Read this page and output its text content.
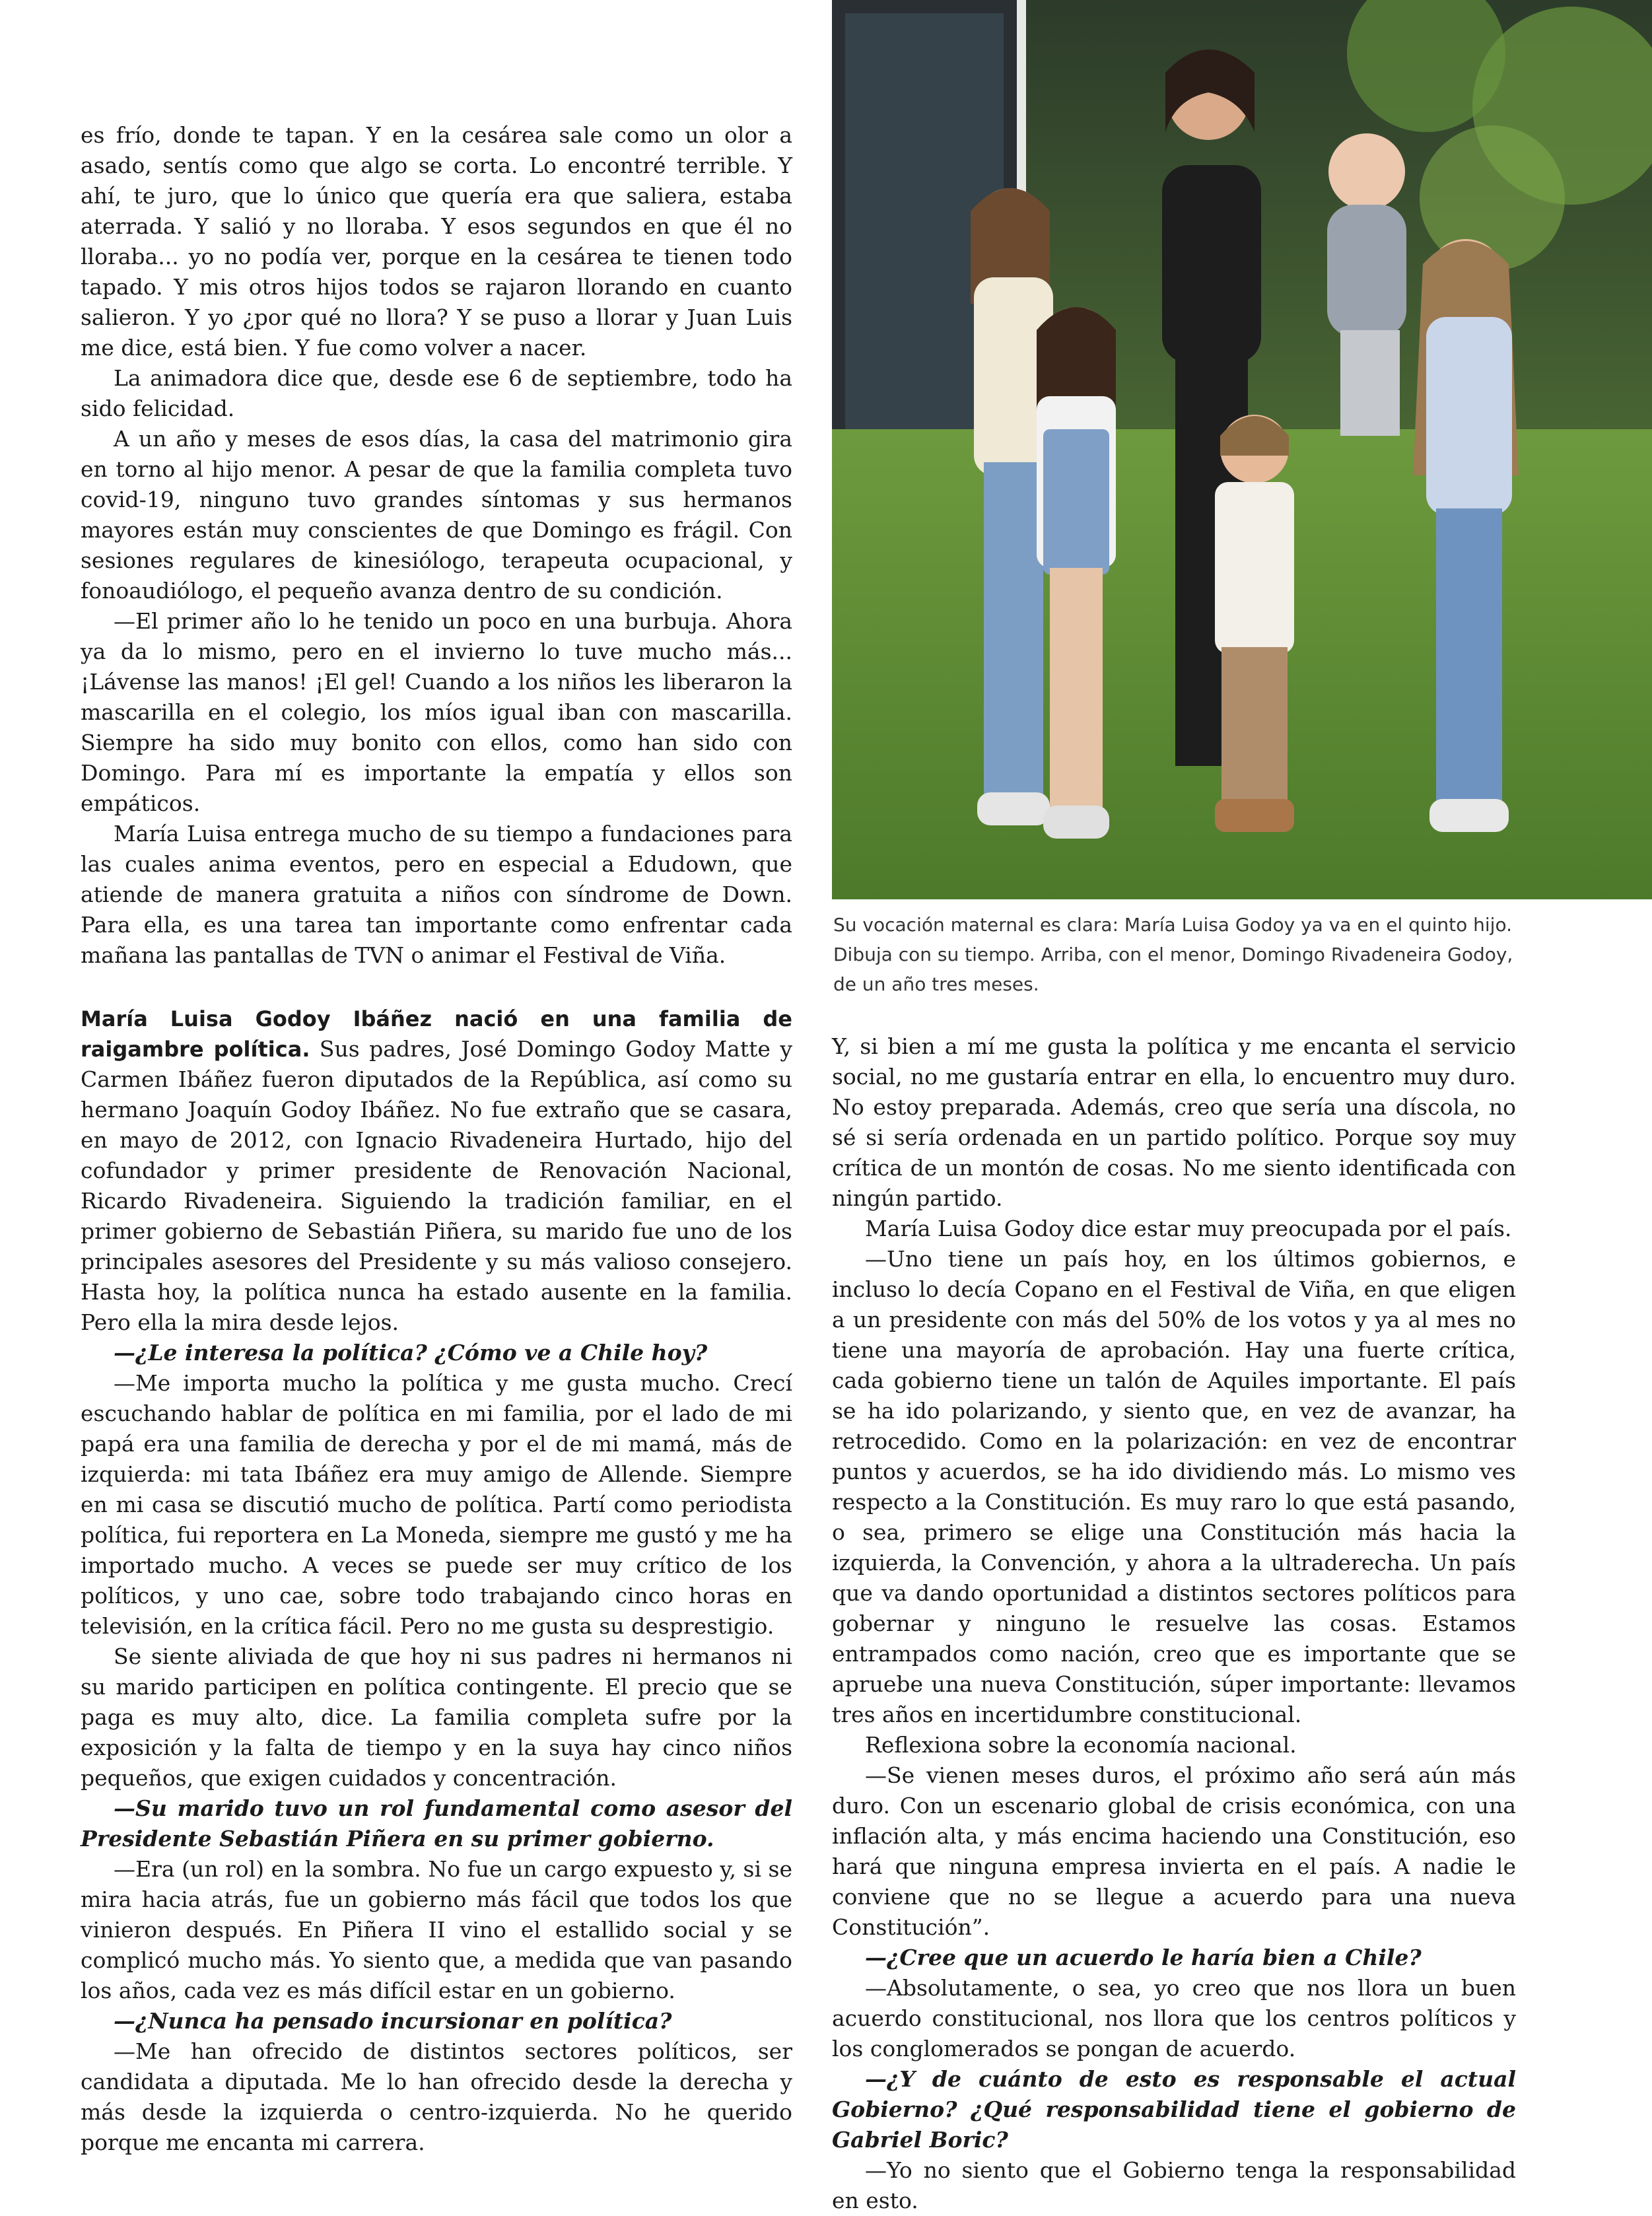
es frío, donde te tapan. Y en la cesárea sale como un olor a asado, sentís como que algo se corta. Lo encontré terrible. Y ahí, te juro, que lo único que quería era que saliera, estaba aterrada. Y salió y no lloraba. Y esos segundos en que él no lloraba... yo no podía ver, porque en la cesárea te tienen todo tapado. Y mis otros hijos todos se rajaron llorando en cuanto salieron. Y yo ¿por qué no llora? Y se puso a llorar y Juan Luis me dice, está bien. Y fue como volver a nacer.

La animadora dice que, desde ese 6 de septiembre, todo ha sido felicidad.

A un año y meses de esos días, la casa del matrimonio gira en torno al hijo menor. A pesar de que la familia completa tuvo covid-19, ninguno tuvo grandes síntomas y sus hermanos mayores están muy conscientes de que Domingo es frágil. Con sesiones regulares de kinesiólogo, terapeuta ocupacional, y fonoaudiólogo, el pequeño avanza dentro de su condición.

—El primer año lo he tenido un poco en una burbuja. Ahora ya da lo mismo, pero en el invierno lo tuve mucho más... ¡Lávense las manos! ¡El gel! Cuando a los niños les liberaron la mascarilla en el colegio, los míos igual iban con mascarilla. Siempre ha sido muy bonito con ellos, como han sido con Domingo. Para mí es importante la empatía y ellos son empáticos.

María Luisa entrega mucho de su tiempo a fundaciones para las cuales anima eventos, pero en especial a Edudown, que atiende de manera gratuita a niños con síndrome de Down. Para ella, es una tarea tan importante como enfrentar cada mañana las pantallas de TVN o animar el Festival de Viña.

María Luisa Godoy Ibáñez nació en una familia de raigambre política. Sus padres, José Domingo Godoy Matte y Carmen Ibáñez fueron diputados de la República, así como su hermano Joaquín Godoy Ibáñez. No fue extraño que se casara, en mayo de 2012, con Ignacio Rivadeneira Hurtado, hijo del cofundador y primer presidente de Renovación Nacional, Ricardo Rivadeneira. Siguiendo la tradición familiar, en el primer gobierno de Sebastián Piñera, su marido fue uno de los principales asesores del Presidente y su más valioso consejero. Hasta hoy, la política nunca ha estado ausente en la familia. Pero ella la mira desde lejos.

—¿Le interesa la política? ¿Cómo ve a Chile hoy?

—Me importa mucho la política y me gusta mucho. Crecí escuchando hablar de política en mi familia, por el lado de mi papá era una familia de derecha y por el de mi mamá, más de izquierda: mi tata Ibáñez era muy amigo de Allende. Siempre en mi casa se discutió mucho de política. Partí como periodista política, fui reportera en La Moneda, siempre me gustó y me ha importado mucho. A veces se puede ser muy crítico de los políticos, y uno cae, sobre todo trabajando cinco horas en televisión, en la crítica fácil. Pero no me gusta su desprestigio.

Se siente aliviada de que hoy ni sus padres ni hermanos ni su marido participen en política contingente. El precio que se paga es muy alto, dice. La familia completa sufre por la exposición y la falta de tiempo y en la suya hay cinco niños pequeños, que exigen cuidados y concentración.

—Su marido tuvo un rol fundamental como asesor del Presidente Sebastián Piñera en su primer gobierno.

—Era (un rol) en la sombra. No fue un cargo expuesto y, si se mira hacia atrás, fue un gobierno más fácil que todos los que vinieron después. En Piñera II vino el estallido social y se complicó mucho más. Yo siento que, a medida que van pasando los años, cada vez es más difícil estar en un gobierno.

—¿Nunca ha pensado incursionar en política?

—Me han ofrecido de distintos sectores políticos, ser candidata a diputada. Me lo han ofrecido desde la derecha y más desde la izquierda o centro-izquierda. No he querido porque me encanta mi carrera.

Su vocación maternal es clara: María Luisa Godoy ya va en el quinto hijo. Dibuja con su tiempo. Arriba, con el menor, Domingo Rivadeneira Godoy, de un año tres meses.

Y, si bien a mí me gusta la política y me encanta el servicio social, no me gustaría entrar en ella, lo encuentro muy duro. No estoy preparada. Además, creo que sería una díscola, no sé si sería ordenada en un partido político. Porque soy muy crítica de un montón de cosas. No me siento identificada con ningún partido.

María Luisa Godoy dice estar muy preocupada por el país.

—Uno tiene un país hoy, en los últimos gobiernos, e incluso lo decía Copano en el Festival de Viña, en que eligen a un presidente con más del 50% de los votos y ya al mes no tiene una mayoría de aprobación. Hay una fuerte crítica, cada gobierno tiene un talón de Aquiles importante. El país se ha ido polarizando, y siento que, en vez de avanzar, ha retrocedido. Como en la polarización: en vez de encontrar puntos y acuerdos, se ha ido dividiendo más. Lo mismo ves respecto a la Constitución. Es muy raro lo que está pasando, o sea, primero se elige una Constitución más hacia la izquierda, la Convención, y ahora a la ultraderecha. Un país que va dando oportunidad a distintos sectores políticos para gobernar y ninguno le resuelve las cosas. Estamos entrampados como nación, creo que es importante que se apruebe una nueva Constitución, súper importante: llevamos tres años en incertidumbre constitucional.

Reflexiona sobre la economía nacional.

—Se vienen meses duros, el próximo año será aún más duro. Con un escenario global de crisis económica, con una inflación alta, y más encima haciendo una Constitución, eso hará que ninguna empresa invierta en el país. A nadie le conviene que no se llegue a acuerdo para una nueva Constitución”.

—¿Cree que un acuerdo le haría bien a Chile?

—Absolutamente, o sea, yo creo que nos llora un buen acuerdo constitucional, nos llora que los centros políticos y los conglomerados se pongan de acuerdo.

—¿Y de cuánto de esto es responsable el actual Gobierno? ¿Qué responsabilidad tiene el gobierno de Gabriel Boric?

—Yo no siento que el Gobierno tenga la responsabilidad en esto.
